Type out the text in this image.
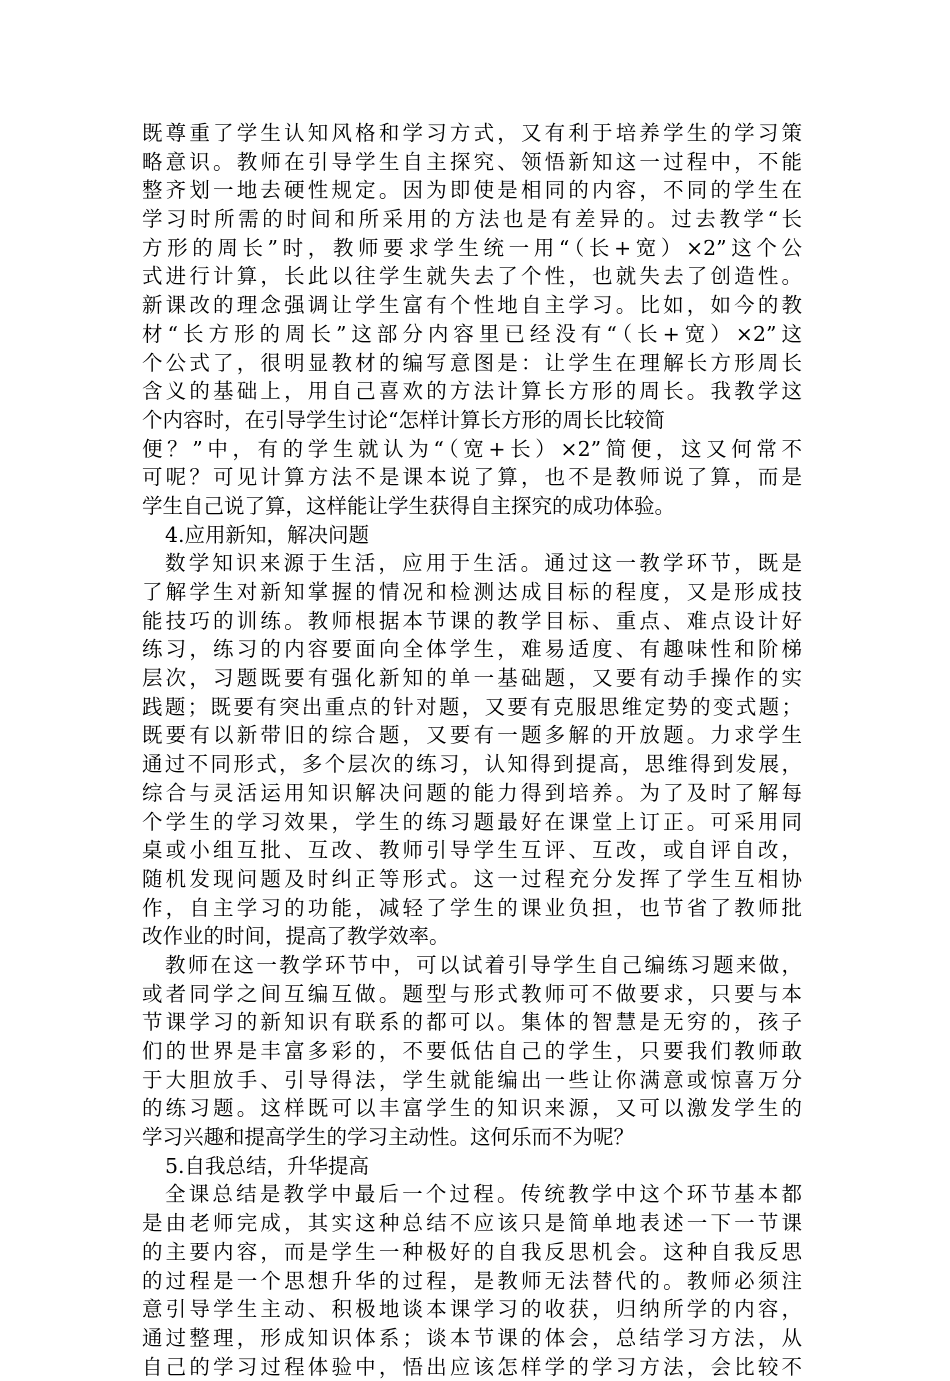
既尊重了学生认知风格和学习方式，又有利于培养学生的学习策
略意识。教师在引导学生自主探究、领悟新知这一过程中，不能
整齐划一地去硬性规定。因为即使是相同的内容，不同的学生在
学习时所需的时间和所采用的方法也是有差异的。过去教学“长
方形的周长”时，教师要求学生统一用“（长+宽）×2”这个公
式进行计算，长此以往学生就失去了个性，也就失去了创造性。
新课改的理念强调让学生富有个性地自主学习。比如，如今的教
材“长方形的周长”这部分内容里已经没有“（长+宽）×2”这
个公式了，很明显教材的编写意图是：让学生在理解长方形周长
含义的基础上，用自己喜欢的方法计算长方形的周长。我教学这
个内容时，在引导学生讨论“怎样计算长方形的周长比较简
便？”中，有的学生就认为“（宽+长）×2”简便，这又何常不
可呢？可见计算方法不是课本说了算，也不是教师说了算，而是
学生自己说了算，这样能让学生获得自主探究的成功体验。
4.应用新知，解决问题
数学知识来源于生活，应用于生活。通过这一教学环节，既是
了解学生对新知掌握的情况和检测达成目标的程度，又是形成技
能技巧的训练。教师根据本节课的教学目标、重点、难点设计好
练习，练习的内容要面向全体学生，难易适度、有趣味性和阶梯
层次，习题既要有强化新知的单一基础题，又要有动手操作的实
践题；既要有突出重点的针对题，又要有克服思维定势的变式题；
既要有以新带旧的综合题，又要有一题多解的开放题。力求学生
通过不同形式，多个层次的练习，认知得到提高，思维得到发展，
综合与灵活运用知识解决问题的能力得到培养。为了及时了解每
个学生的学习效果，学生的练习题最好在课堂上订正。可采用同
桌或小组互批、互改、教师引导学生互评、互改，或自评自改，
随机发现问题及时纠正等形式。这一过程充分发挥了学生互相协
作，自主学习的功能，减轻了学生的课业负担，也节省了教师批
改作业的时间，提高了教学效率。
教师在这一教学环节中，可以试着引导学生自己编练习题来做，
或者同学之间互编互做。题型与形式教师可不做要求，只要与本
节课学习的新知识有联系的都可以。集体的智慧是无穷的，孩子
们的世界是丰富多彩的，不要低估自己的学生，只要我们教师敢
于大胆放手、引导得法，学生就能编出一些让你满意或惊喜万分
的练习题。这样既可以丰富学生的知识来源，又可以激发学生的
学习兴趣和提高学生的学习主动性。这何乐而不为呢？
5.自我总结，升华提高
全课总结是教学中最后一个过程。传统教学中这个环节基本都
是由老师完成，其实这种总结不应该只是简单地表述一下一节课
的主要内容，而是学生一种极好的自我反思机会。这种自我反思
的过程是一个思想升华的过程，是教师无法替代的。教师必须注
意引导学生主动、积极地谈本课学习的收获，归纳所学的内容，
通过整理，形成知识体系；谈本节课的体会，总结学习方法，从
自己的学习过程体验中，悟出应该怎样学的学习方法，会比较不
